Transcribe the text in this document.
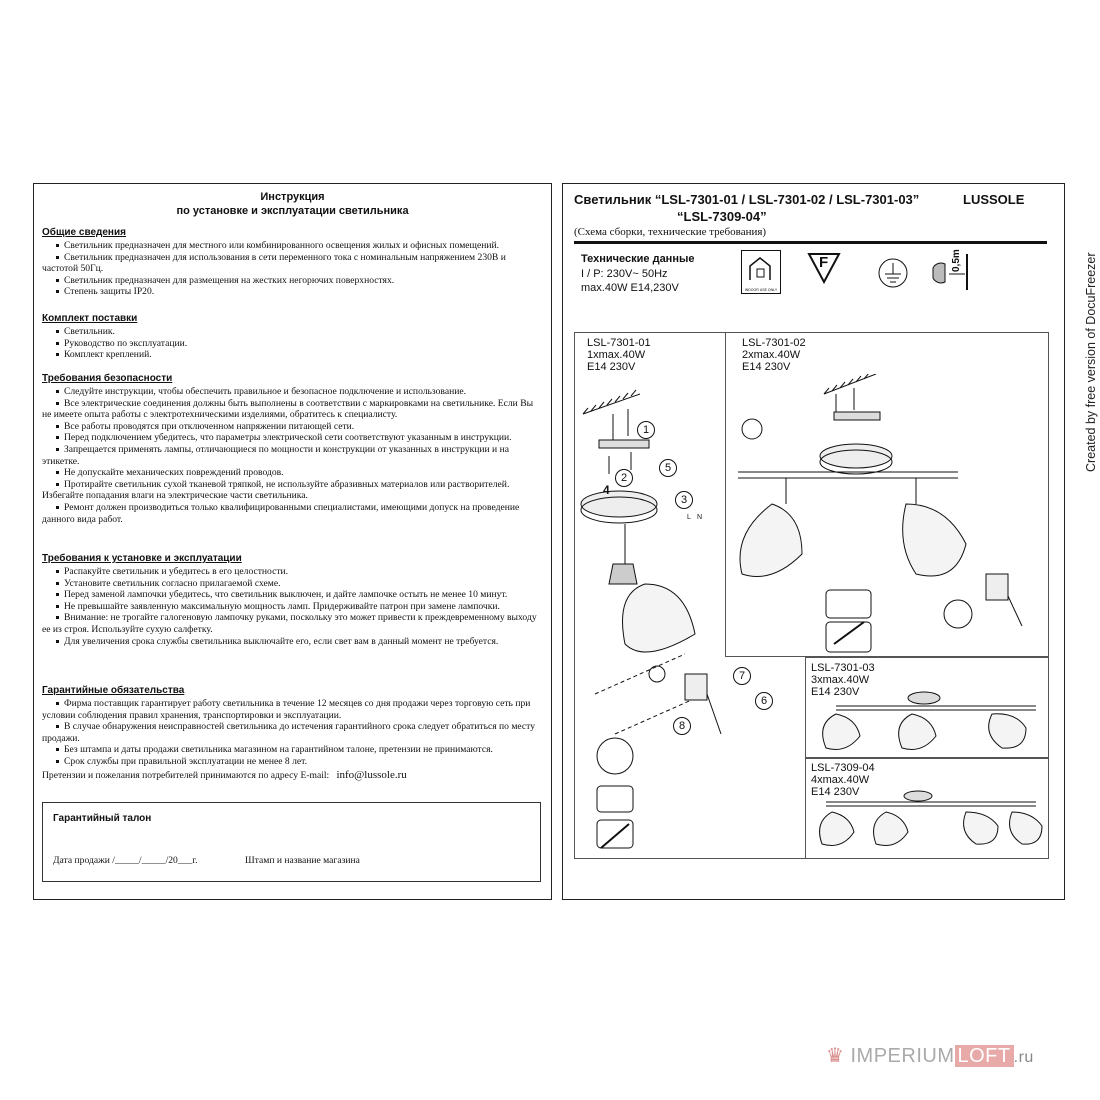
Инструкция
по установке и эксплуатации светильника
Общие сведения
Светильник предназначен для местного или комбинированного освещения жилых и офисных помещений.
Светильник предназначен для использования в сети переменного тока с номинальным напряжением 230В и частотой 50Гц.
Светильник предназначен для размещения на жестких негорючих поверхностях.
Степень защиты IP20.
Комплект поставки
Светильник.
Руководство по эксплуатации.
Комплект креплений.
Требования безопасности
Следуйте инструкции, чтобы обеспечить правильное и безопасное подключение и использование.
Все электрические соединения должны быть выполнены в соответствии с маркировками на светильнике. Если Вы не имеете опыта работы с электротехническими изделиями, обратитесь к специалисту.
Все работы проводятся при отключенном напряжении питающей сети.
Перед подключением убедитесь, что параметры электрической сети соответствуют указанным в инструкции.
Запрещается применять лампы, отличающиеся по мощности и конструкции от указанных в инструкции и на этикетке.
Не допускайте механических повреждений проводов.
Протирайте светильник сухой тканевой тряпкой, не используйте абразивных материалов или растворителей. Избегайте попадания влаги на электрические части светильника.
Ремонт должен производиться только квалифицированными специалистами, имеющими допуск на проведение данного вида работ.
Требования к установке и эксплуатации
Распакуйте светильник и убедитесь в его целостности.
Установите светильник согласно прилагаемой схеме.
Перед заменой лампочки убедитесь, что светильник выключен, и дайте лампочке остыть не менее 10 минут.
Не превышайте заявленную максимальную мощность ламп. Придерживайте патрон при замене лампочки.
Внимание: не трогайте галогеновую лампочку руками, поскольку это может привести к преждевременному выходу ее из строя. Используйте сухую салфетку.
Для увеличения срока службы светильника выключайте его, если свет вам в данный момент не требуется.
Гарантийные обязательства
Фирма поставщик гарантирует работу светильника в течение 12 месяцев со дня продажи через торговую сеть при условии соблюдения правил хранения, транспортировки и эксплуатации.
В случае обнаружения неисправностей светильника до истечения гарантийного срока следует обратиться по месту продажи.
Без штампа и даты продажи светильника магазином на гарантийном талоне, претензии не принимаются.
Срок службы при правильной эксплуатации не менее 8 лет.
Претензии и пожелания потребителей принимаются по адресу E-mail: info@lussole.ru
Гарантийный талон
Дата продажи /_____/_____/20___г.	Штамп и название магазина
Светильник “LSL-7301-01 / LSL-7301-02 / LSL-7301-03”	LUSSOLE
“LSL-7309-04”
(Схема сборки, технические требования)
Технические данные
I / P: 230V~ 50Hz
max.40W E14,230V	INDOOR USE ONLY
F	0,5m
LSL-7301-01
1xmax.40W
E14 230V
LSL-7301-02
2xmax.40W
E14 230V
LSL-7301-03
3xmax.40W
E14 230V
LSL-7309-04
4xmax.40W
E14 230V
1
2
3
4
5
6
7
8
L N
Created by free version of DocuFreezer
♛ IMPERIUM LOFT .ru
